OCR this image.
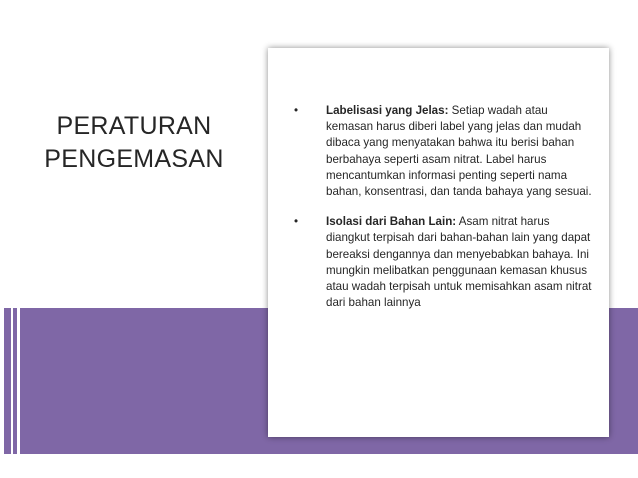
PERATURAN
PENGEMASAN
• Labelisasi yang Jelas: Setiap wadah atau kemasan harus diberi label yang jelas dan mudah dibaca yang menyatakan bahwa itu berisi bahan berbahaya seperti asam nitrat. Label harus mencantumkan informasi penting seperti nama bahan, konsentrasi, dan tanda bahaya yang sesuai.
• Isolasi dari Bahan Lain: Asam nitrat harus diangkut terpisah dari bahan-bahan lain yang dapat bereaksi dengannya dan menyebabkan bahaya. Ini mungkin melibatkan penggunaan kemasan khusus atau wadah terpisah untuk memisahkan asam nitrat dari bahan lainnya
